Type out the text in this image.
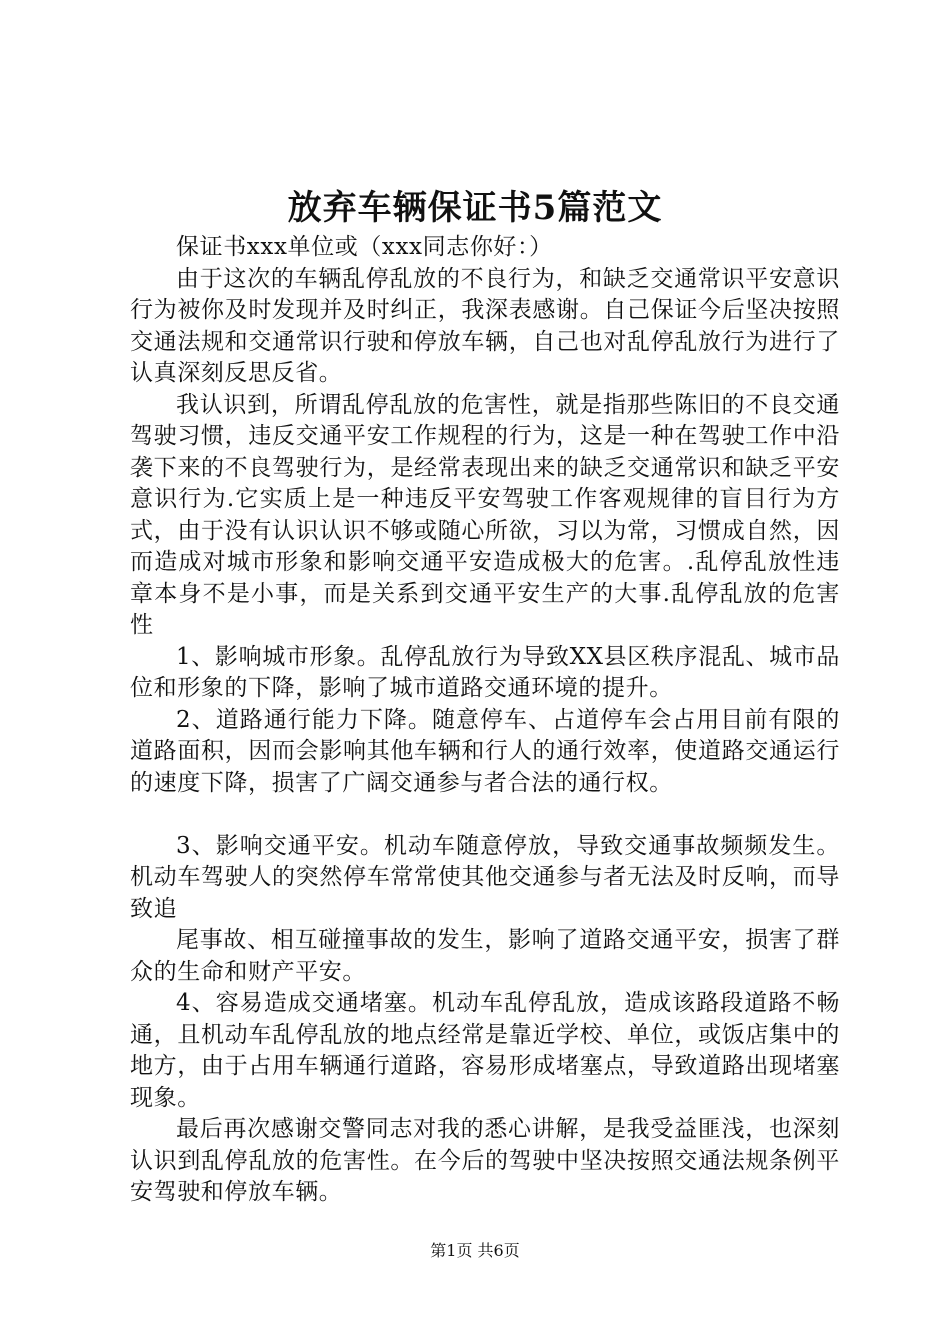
放弃车辆保证书5篇范文

保证书xxx单位或（xxx同志你好：）

由于这次的车辆乱停乱放的不良行为，和缺乏交通常识平安意识行为被你及时发现并及时纠正，我深表感谢。自己保证今后坚决按照交通法规和交通常识行驶和停放车辆，自己也对乱停乱放行为进行了认真深刻反思反省。

我认识到，所谓乱停乱放的危害性，就是指那些陈旧的不良交通驾驶习惯，违反交通平安工作规程的行为，这是一种在驾驶工作中沿袭下来的不良驾驶行为，是经常表现出来的缺乏交通常识和缺乏平安意识行为.它实质上是一种违反平安驾驶工作客观规律的盲目行为方式，由于没有认识认识不够或随心所欲，习以为常，习惯成自然，因而造成对城市形象和影响交通平安造成极大的危害。.乱停乱放性违章本身不是小事，而是关系到交通平安生产的大事.乱停乱放的危害性

1、影响城市形象。乱停乱放行为导致XX县区秩序混乱、城市品位和形象的下降，影响了城市道路交通环境的提升。

2、道路通行能力下降。随意停车、占道停车会占用目前有限的道路面积，因而会影响其他车辆和行人的通行效率，使道路交通运行的速度下降，损害了广阔交通参与者合法的通行权。

3、影响交通平安。机动车随意停放，导致交通事故频频发生。机动车驾驶人的突然停车常常使其他交通参与者无法及时反响，而导致追

尾事故、相互碰撞事故的发生，影响了道路交通平安，损害了群众的生命和财产平安。

4、容易造成交通堵塞。机动车乱停乱放，造成该路段道路不畅通，且机动车乱停乱放的地点经常是靠近学校、单位，或饭店集中的地方，由于占用车辆通行道路，容易形成堵塞点，导致道路出现堵塞现象。

最后再次感谢交警同志对我的悉心讲解，是我受益匪浅，也深刻认识到乱停乱放的危害性。在今后的驾驶中坚决按照交通法规条例平安驾驶和停放车辆。

第1页 共6页
